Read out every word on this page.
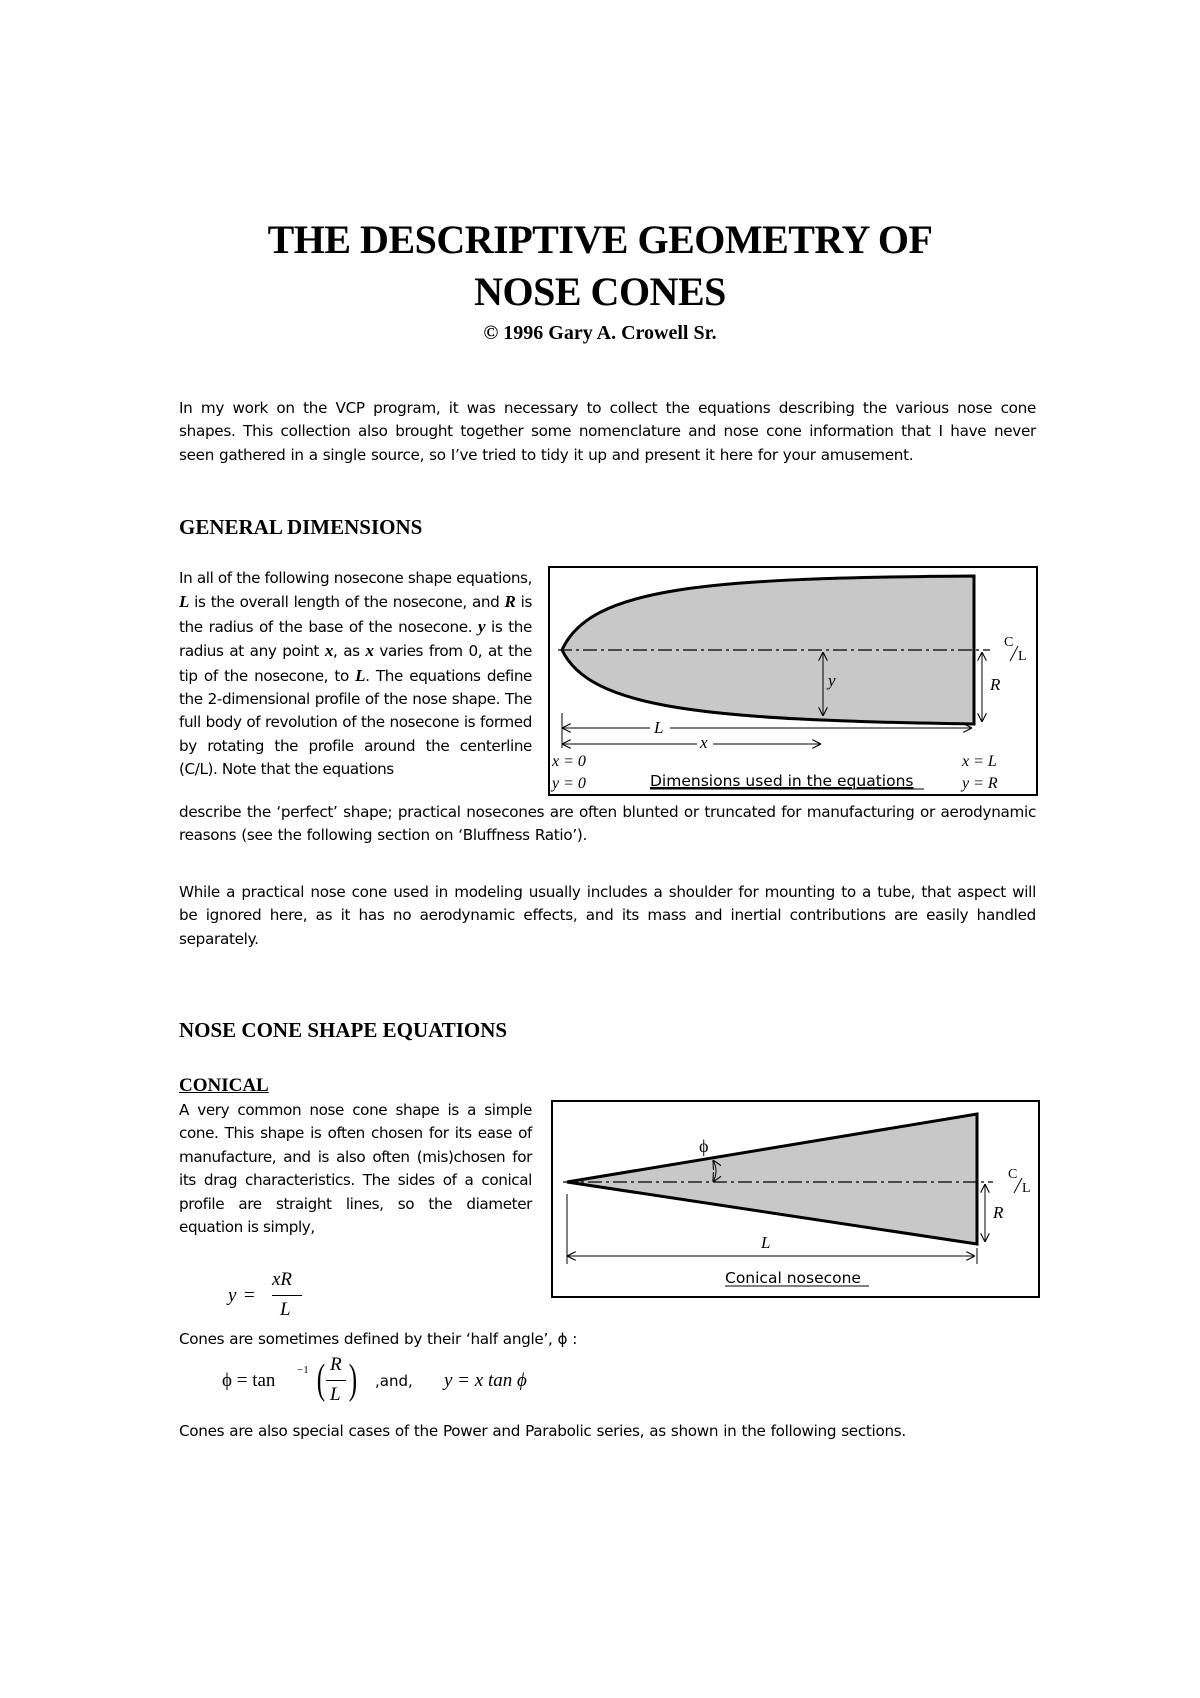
THE DESCRIPTIVE GEOMETRY OF
NOSE CONES
© 1996 Gary A. Crowell Sr.
In my work on the VCP program, it was necessary to collect the equations describing the various nose cone shapes. This collection also brought together some nomenclature and nose cone information that I have never seen gathered in a single source, so I’ve tried to tidy it up and present it here for your amusement.
GENERAL DIMENSIONS
In all of the following nosecone shape equations, L is the overall length of the nosecone, and R is the radius of the base of the nosecone. y is the radius at any point x, as x varies from 0, at the tip of the nosecone, to L. The equations define the 2-dimensional profile of the nose shape. The full body of revolution of the nosecone is formed by rotating the profile around the centerline (C/L). Note that the equations
describe the ‘perfect’ shape; practical nosecones are often blunted or truncated for manufacturing or aerodynamic reasons (see the following section on ‘Bluffness Ratio’).
While a practical nose cone used in modeling usually includes a shoulder for mounting to a tube, that aspect will be ignored here, as it has no aerodynamic effects, and its mass and inertial contributions are easily handled separately.
y	R
C
L
L
x
x = 0
y = 0
x = L
y = R
Dimensions used in the equations
NOSE CONE SHAPE EQUATIONS
CONICAL
A very common nose cone shape is a simple cone. This shape is often chosen for its ease of manufacture, and is also often (mis)chosen for its drag characteristics. The sides of a conical profile are straight lines, so the diameter equation is simply,
y =
xR
L
Cones are sometimes defined by their ‘half angle’, ϕ :
ϕ = tan −1 ( R
L ) ,and, y = x tan ϕ
Cones are also special cases of the Power and Parabolic series, as shown in the following sections.
ϕ
R
C
L
L
Conical nosecone
